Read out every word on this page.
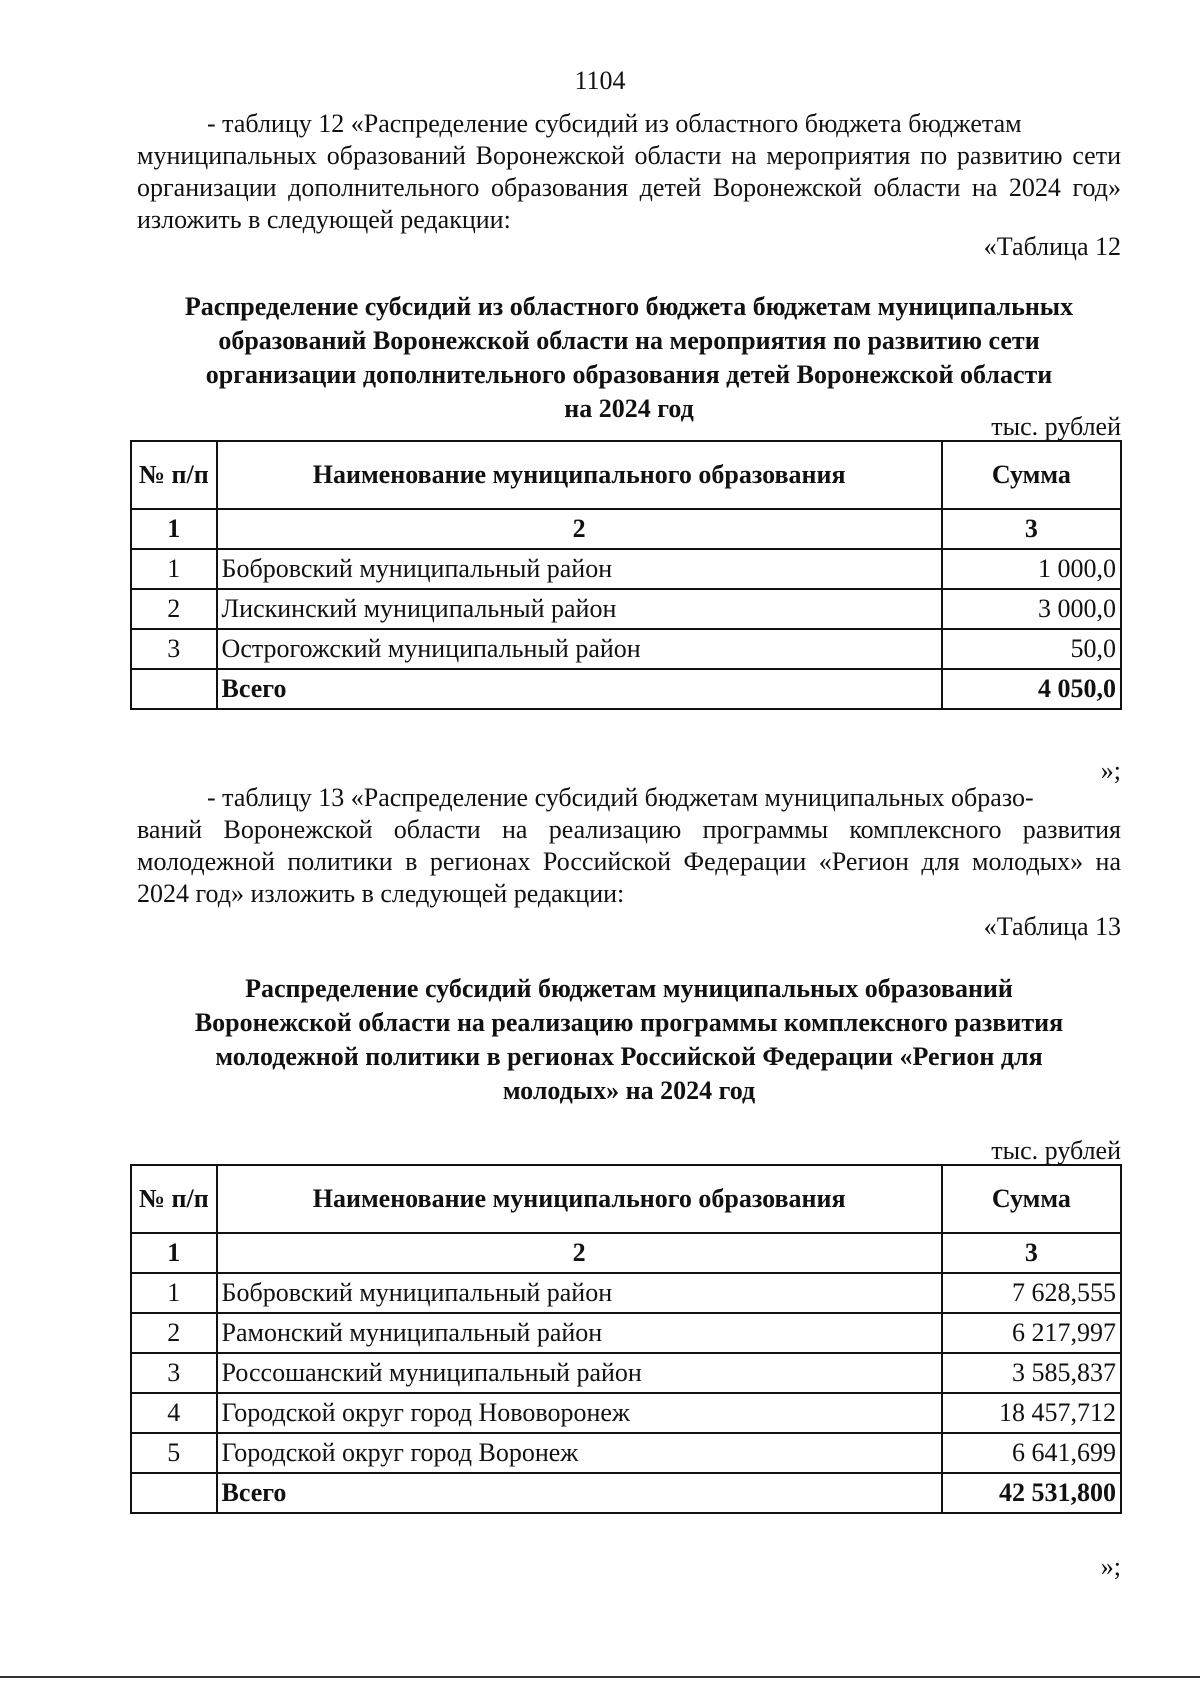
1104
- таблицу 12 «Распределение субсидий из областного бюджета бюджетам
муниципальных образований Воронежской области на мероприятия по развитию сети организации дополнительного образования детей Воронежской области на 2024 год» изложить в следующей редакции:
«Таблица 12
Распределение субсидий из областного бюджета бюджетам муниципальных
образований Воронежской области на мероприятия по развитию сети
организации дополнительного образования детей Воронежской области
на 2024 год
тыс. рублей
№ п/п	Наименование муниципального образования	Сумма
1	2	3
1	Бобровский муниципальный район	1 000,0
2	Лискинский муниципальный район	3 000,0
3	Острогожский муниципальный район	50,0
	Всего	4 050,0
»;
- таблицу 13 «Распределение субсидий бюджетам муниципальных образо-
ваний Воронежской области на реализацию программы комплексного развития молодежной политики в регионах Российской Федерации «Регион для молодых» на 2024 год» изложить в следующей редакции:
«Таблица 13
Распределение субсидий бюджетам муниципальных образований
Воронежской области на реализацию программы комплексного развития
молодежной политики в регионах Российской Федерации «Регион для
молодых» на 2024 год
тыс. рублей
№ п/п	Наименование муниципального образования	Сумма
1	2	3
1	Бобровский муниципальный район	7 628,555
2	Рамонский муниципальный район	6 217,997
3	Россошанский муниципальный район	3 585,837
4	Городской округ город Нововоронеж	18 457,712
5	Городской округ город Воронеж	6 641,699
	Всего	42 531,800
»;
